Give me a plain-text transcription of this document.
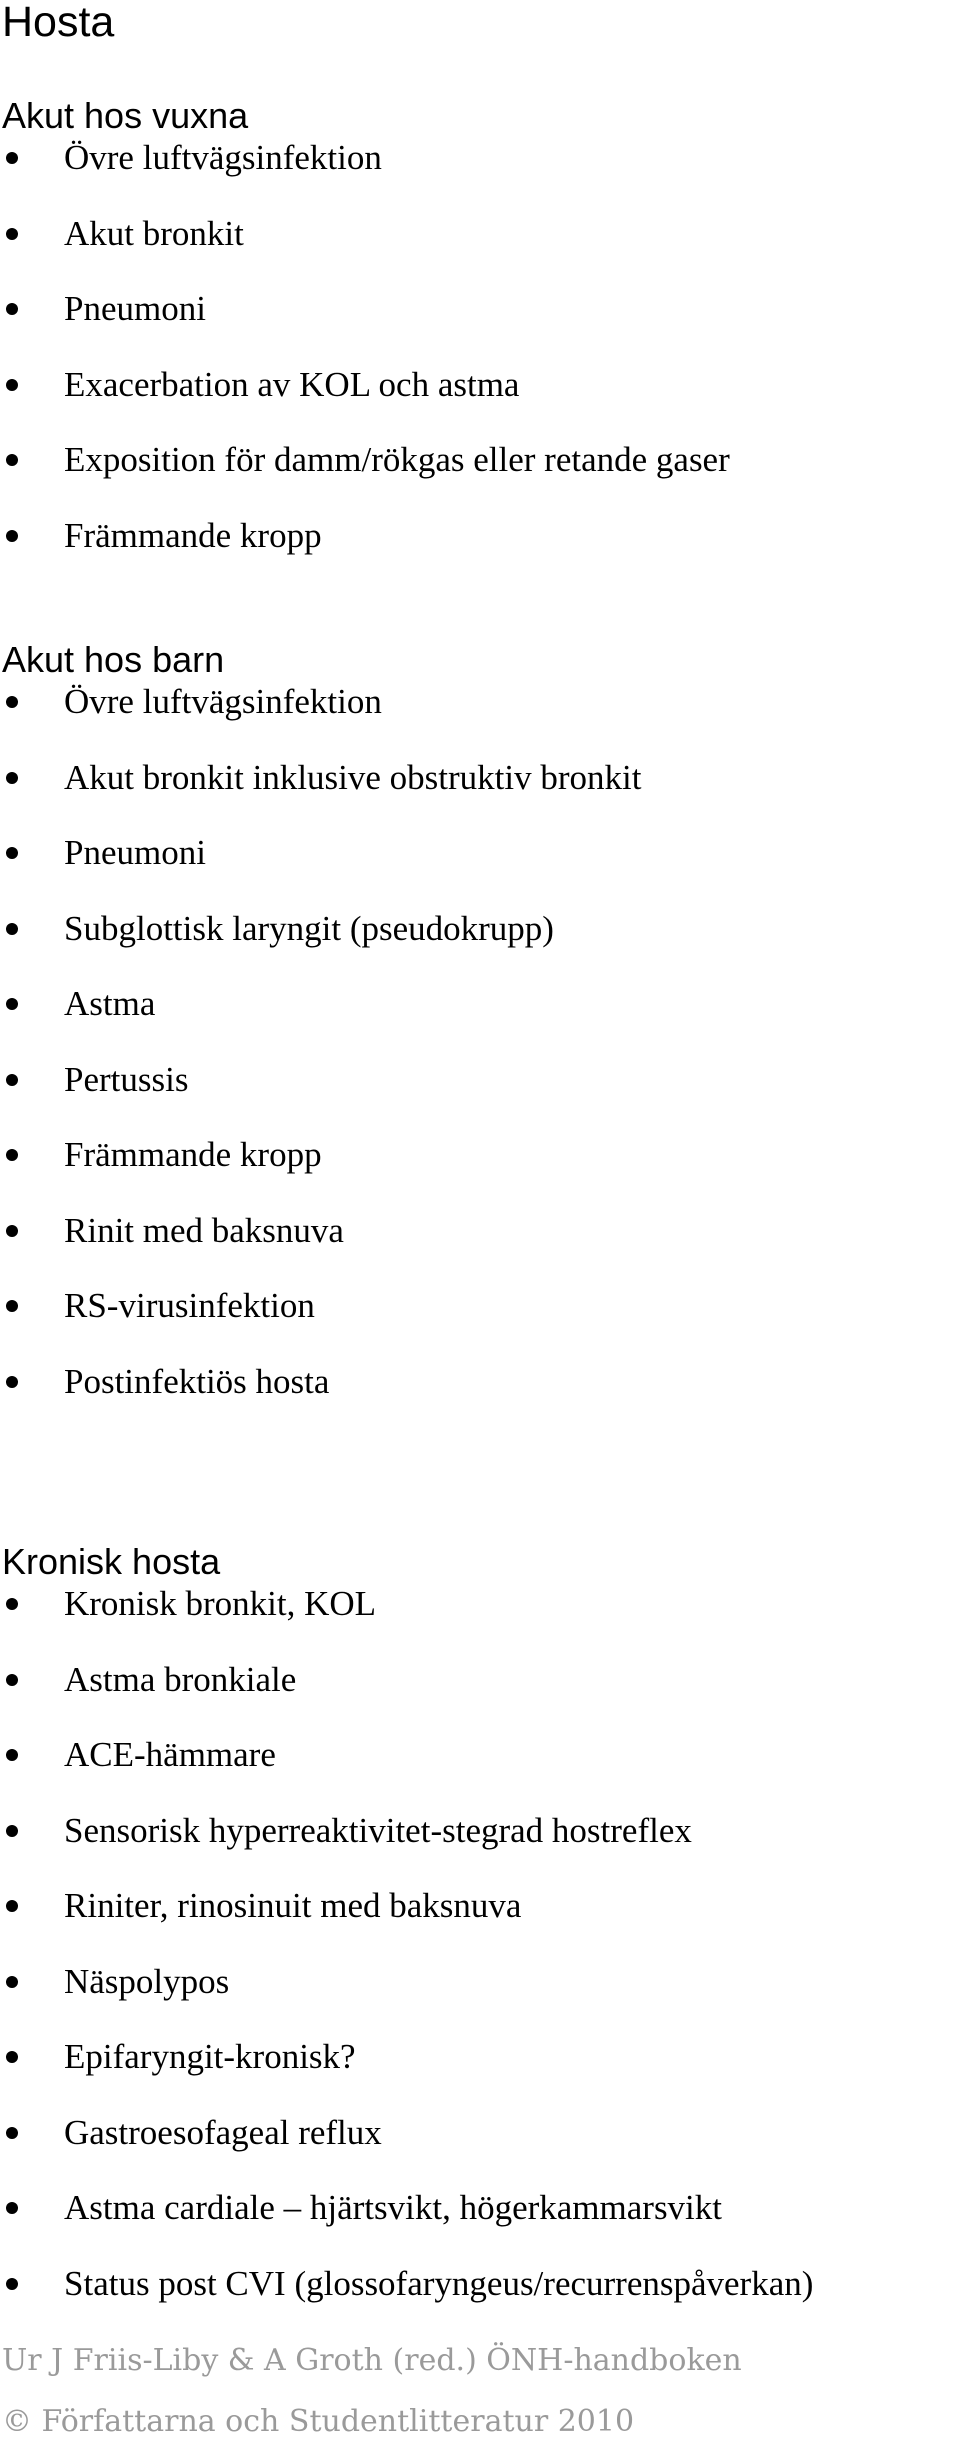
Hosta
Akut hos vuxna
Övre luftvägsinfektion
Akut bronkit
Pneumoni
Exacerbation av KOL och astma
Exposition för damm/rökgas eller retande gaser
Främmande kropp
Akut hos barn
Övre luftvägsinfektion
Akut bronkit inklusive obstruktiv bronkit
Pneumoni
Subglottisk laryngit (pseudokrupp)
Astma
Pertussis
Främmande kropp
Rinit med baksnuva
RS-virusinfektion
Postinfektiös hosta
Kronisk hosta
Kronisk bronkit, KOL
Astma bronkiale
ACE-hämmare
Sensorisk hyperreaktivitet-stegrad hostreflex
Riniter, rinosinuit med baksnuva
Näspolypos
Epifaryngit-kronisk?
Gastroesofageal reflux
Astma cardiale – hjärtsvikt, högerkammarsvikt
Status post CVI (glossofaryngeus/recurrenspåverkan)
Ur J Friis-Liby & A Groth (red.) ÖNH-handboken
© Författarna och Studentlitteratur 2010
